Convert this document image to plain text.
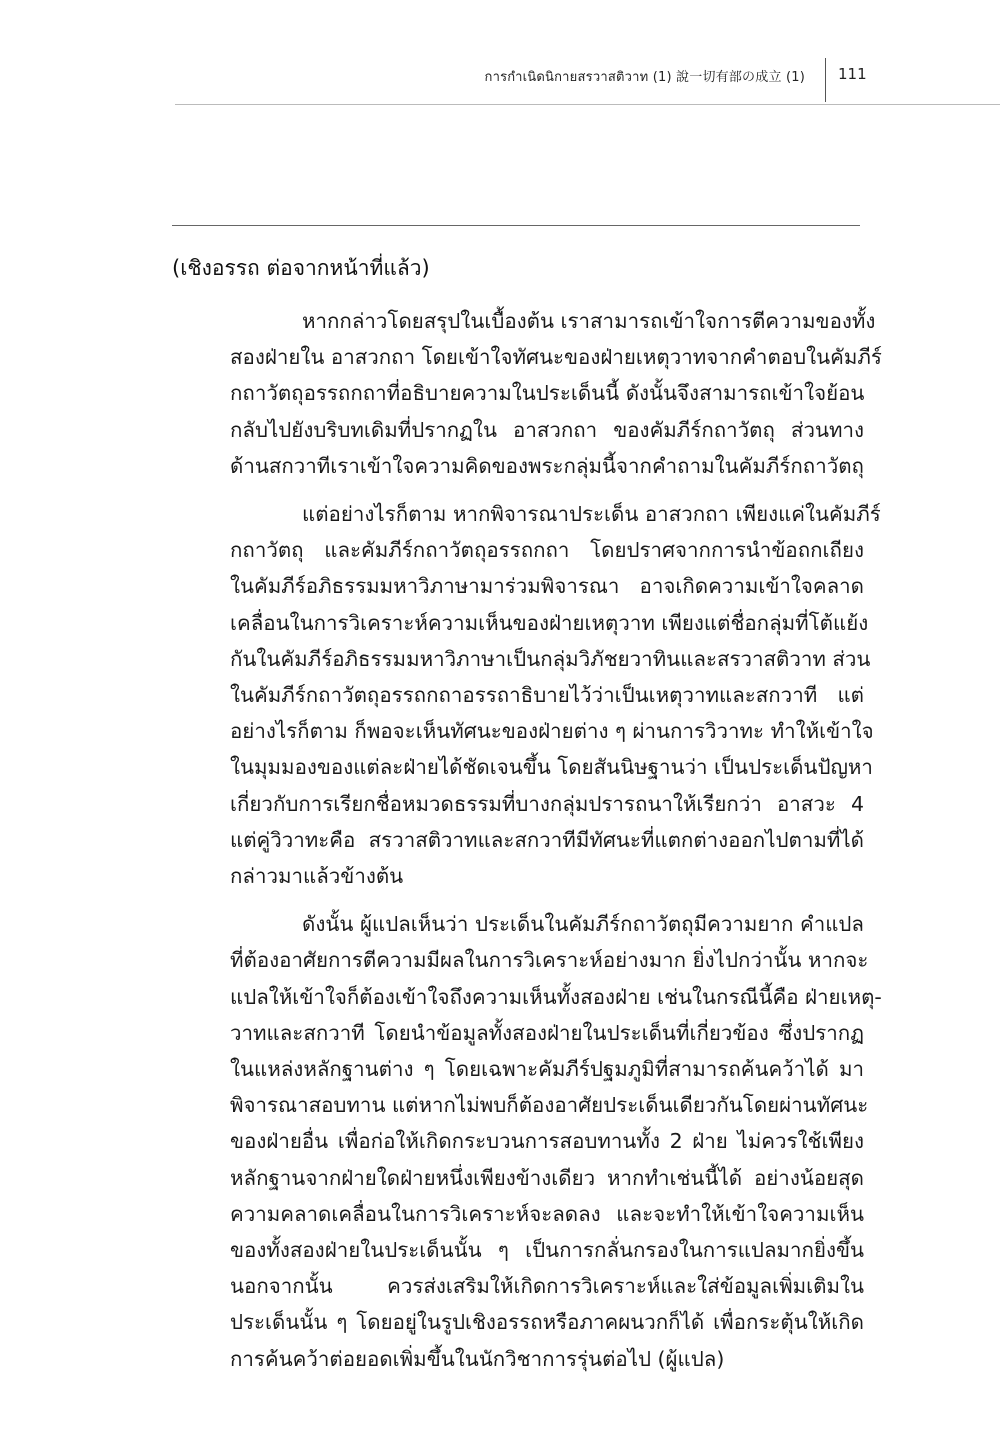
การกำเนิดนิกายสรวาสติวาท (1) 說一切有部の成立 (1) 111
(เชิงอรรถ ต่อจากหน้าที่แล้ว)
หากกล่าวโดยสรุปในเบื้องต้น เราสามารถเข้าใจการตีความของทั้ง
สองฝ่ายใน อาสวกถา โดยเข้าใจทัศนะของฝ่ายเหตุวาทจากคำตอบในคัมภีร์
กถาวัตถุอรรถกถาที่อธิบายความในประเด็นนี้ ดังนั้นจึงสามารถเข้าใจย้อน
กลับไปยังบริบทเดิมที่ปรากฏใน อาสวกถา ของคัมภีร์กถาวัตถุ ส่วนทาง
ด้านสกวาทีเราเข้าใจความคิดของพระกลุ่มนี้จากคำถามในคัมภีร์กถาวัตถุ
แต่อย่างไรก็ตาม หากพิจารณาประเด็น อาสวกถา เพียงแค่ในคัมภีร์
กถาวัตถุ และคัมภีร์กถาวัตถุอรรถกถา โดยปราศจากการนำข้อถกเถียง
ในคัมภีร์อภิธรรมมหาวิภาษามาร่วมพิจารณา อาจเกิดความเข้าใจคลาด
เคลื่อนในการวิเคราะห์ความเห็นของฝ่ายเหตุวาท เพียงแต่ชื่อกลุ่มที่โต้แย้ง
กันในคัมภีร์อภิธรรมมหาวิภาษาเป็นกลุ่มวิภัชยวาทินและสรวาสติวาท ส่วน
ในคัมภีร์กถาวัตถุอรรถกถาอรรถาธิบายไว้ว่าเป็นเหตุวาทและสกวาที แต่
อย่างไรก็ตาม ก็พอจะเห็นทัศนะของฝ่ายต่าง ๆ ผ่านการวิวาทะ ทำให้เข้าใจ
ในมุมมองของแต่ละฝ่ายได้ชัดเจนขึ้น โดยสันนิษฐานว่า เป็นประเด็นปัญหา
เกี่ยวกับการเรียกชื่อหมวดธรรมที่บางกลุ่มปรารถนาให้เรียกว่า อาสวะ 4
แต่คู่วิวาทะคือ สรวาสติวาทและสกวาทีมีทัศนะที่แตกต่างออกไปตามที่ได้
กล่าวมาแล้วข้างต้น
ดังนั้น ผู้แปลเห็นว่า ประเด็นในคัมภีร์กถาวัตถุมีความยาก คำแปล
ที่ต้องอาศัยการตีความมีผลในการวิเคราะห์อย่างมาก ยิ่งไปกว่านั้น หากจะ
แปลให้เข้าใจก็ต้องเข้าใจถึงความเห็นทั้งสองฝ่าย เช่นในกรณีนี้คือ ฝ่ายเหตุ-
วาทและสกวาที โดยนำข้อมูลทั้งสองฝ่ายในประเด็นที่เกี่ยวข้อง ซึ่งปรากฏ
ในแหล่งหลักฐานต่าง ๆ โดยเฉพาะคัมภีร์ปฐมภูมิที่สามารถค้นคว้าได้ มา
พิจารณาสอบทาน แต่หากไม่พบก็ต้องอาศัยประเด็นเดียวกันโดยผ่านทัศนะ
ของฝ่ายอื่น เพื่อก่อให้เกิดกระบวนการสอบทานทั้ง 2 ฝ่าย ไม่ควรใช้เพียง
หลักฐานจากฝ่ายใดฝ่ายหนึ่งเพียงข้างเดียว หากทำเช่นนี้ได้ อย่างน้อยสุด
ความคลาดเคลื่อนในการวิเคราะห์จะลดลง และจะทำให้เข้าใจความเห็น
ของทั้งสองฝ่ายในประเด็นนั้น ๆ เป็นการกลั่นกรองในการแปลมากยิ่งขึ้น
นอกจากนั้น ควรส่งเสริมให้เกิดการวิเคราะห์และใส่ข้อมูลเพิ่มเติมใน
ประเด็นนั้น ๆ โดยอยู่ในรูปเชิงอรรถหรือภาคผนวกก็ได้ เพื่อกระตุ้นให้เกิด
การค้นคว้าต่อยอดเพิ่มขึ้นในนักวิชาการรุ่นต่อไป (ผู้แปล)
